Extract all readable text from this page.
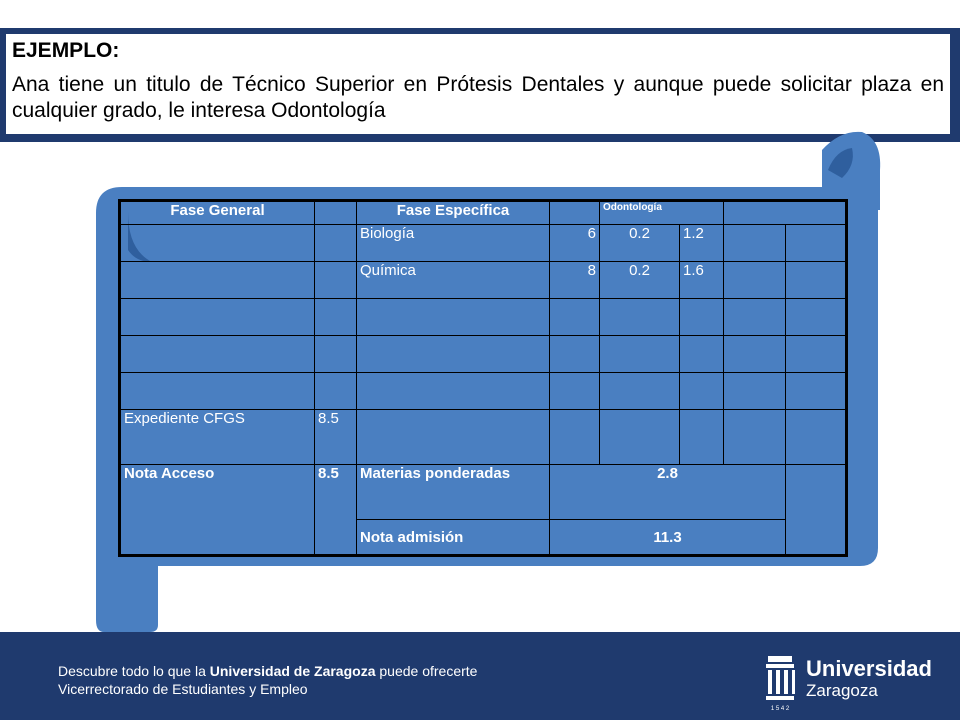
EJEMPLO:

Ana tiene un titulo de Técnico Superior en Prótesis Dentales y aunque puede solicitar plaza en cualquier grado, le interesa Odontología

Fase General		Fase Específica		Odontología			
		Biología	6	0.2	1.2		
		Química	8	0.2	1.6		

Expediente CFGS	8.5						
Nota Acceso	8.5	Materias ponderadas	2.8				
		Nota admisión	11.3				
Descubre todo lo que la Universidad de Zaragoza puede ofrecerte
Vicerrectorado de Estudiantes y Empleo
1 5 4 2
Universidad
Zaragoza
